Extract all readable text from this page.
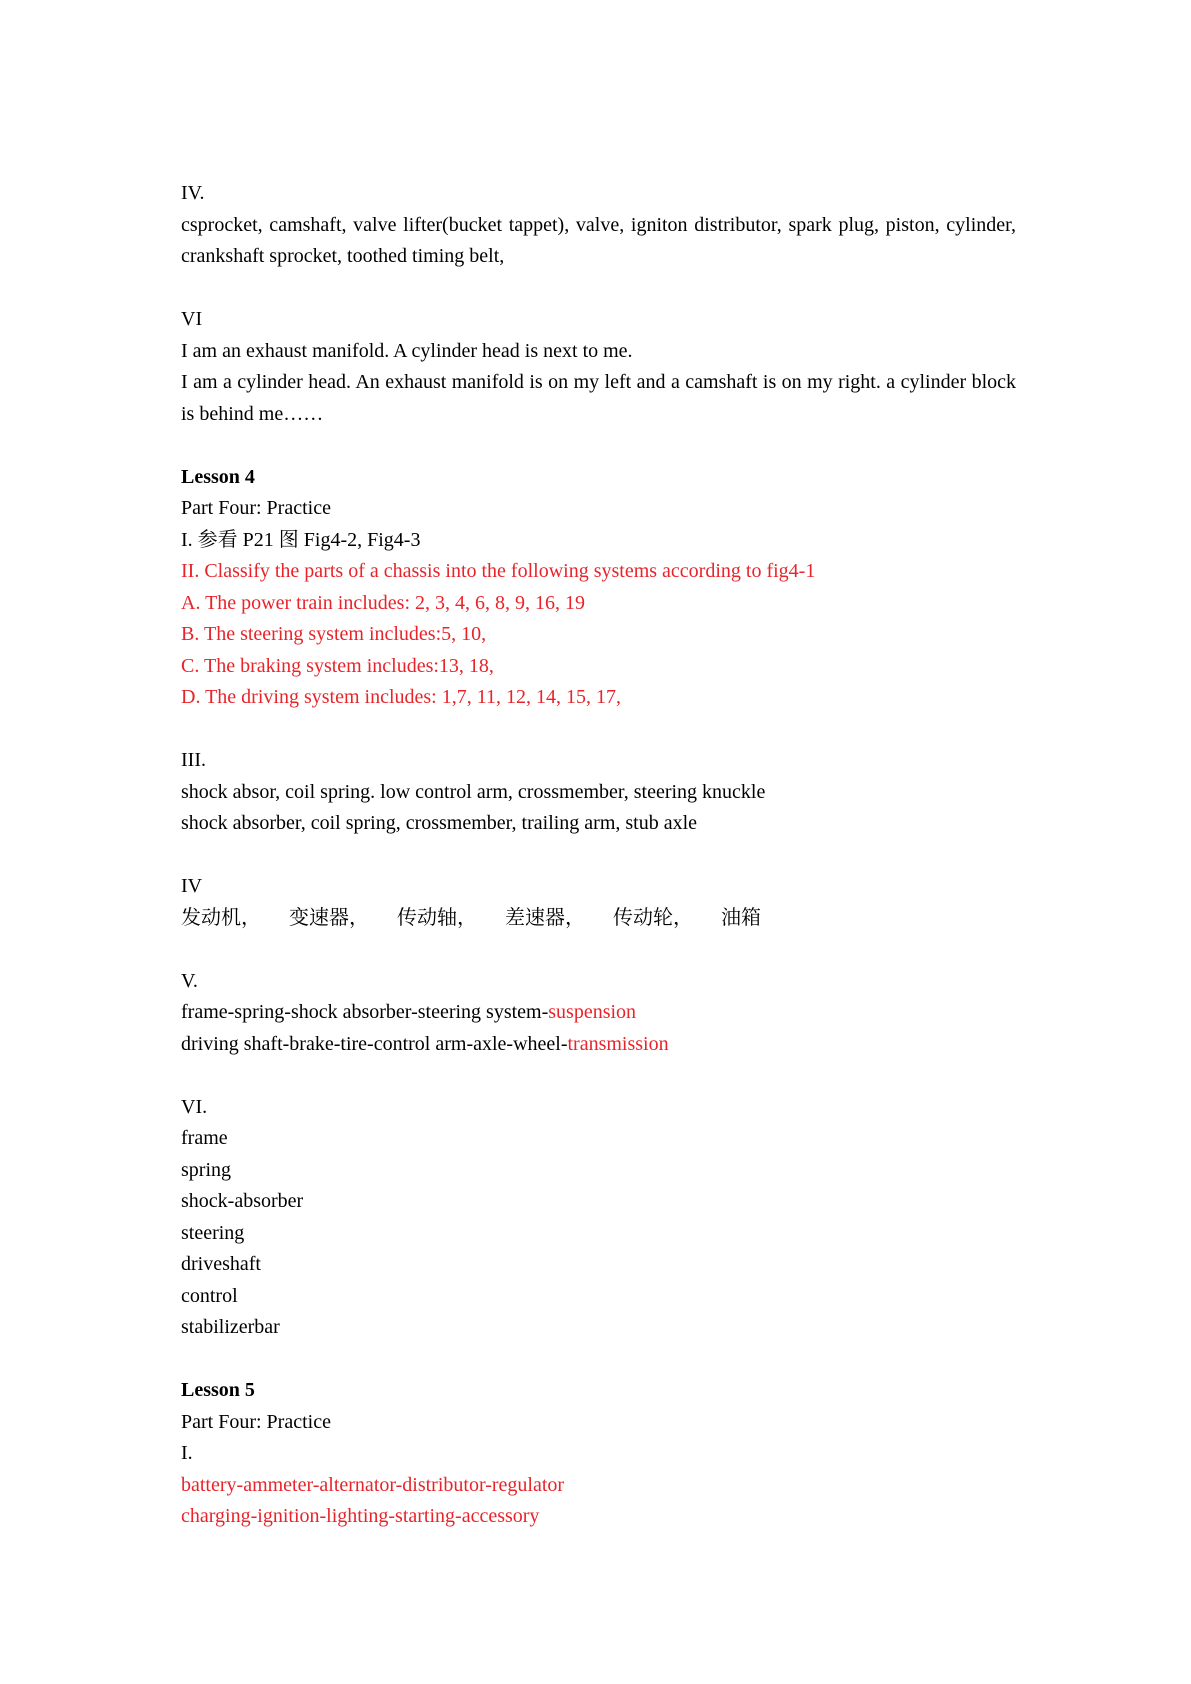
IV.
csprocket, camshaft, valve lifter(bucket tappet), valve, igniton distributor, spark plug, piston, cylinder, crankshaft sprocket, toothed timing belt,
VI
I am an exhaust manifold. A cylinder head is next to me.
I am a cylinder head. An exhaust manifold is on my left and a camshaft is on my right. a cylinder block is behind me……
Lesson 4
Part Four: Practice
I. 参看 P21 图 Fig4-2, Fig4-3
II. Classify the parts of a chassis into the following systems according to fig4-1
A. The power train includes: 2, 3, 4, 6, 8, 9, 16, 19
B. The steering system includes:5, 10,
C. The braking system includes:13, 18,
D. The driving system includes: 1,7, 11, 12, 14, 15, 17,
III.
shock absor, coil spring. low control arm, crossmember, steering knuckle
shock absorber, coil spring, crossmember, trailing arm, stub axle
IV
发动机， 变速器， 传动轴， 差速器， 传动轮， 油箱
V.
frame-spring-shock absorber-steering system-suspension
driving shaft-brake-tire-control arm-axle-wheel-transmission
VI.
frame
spring
shock-absorber
steering
driveshaft
control
stabilizerbar
Lesson 5
Part Four: Practice
I.
battery-ammeter-alternator-distributor-regulator
charging-ignition-lighting-starting-accessory
